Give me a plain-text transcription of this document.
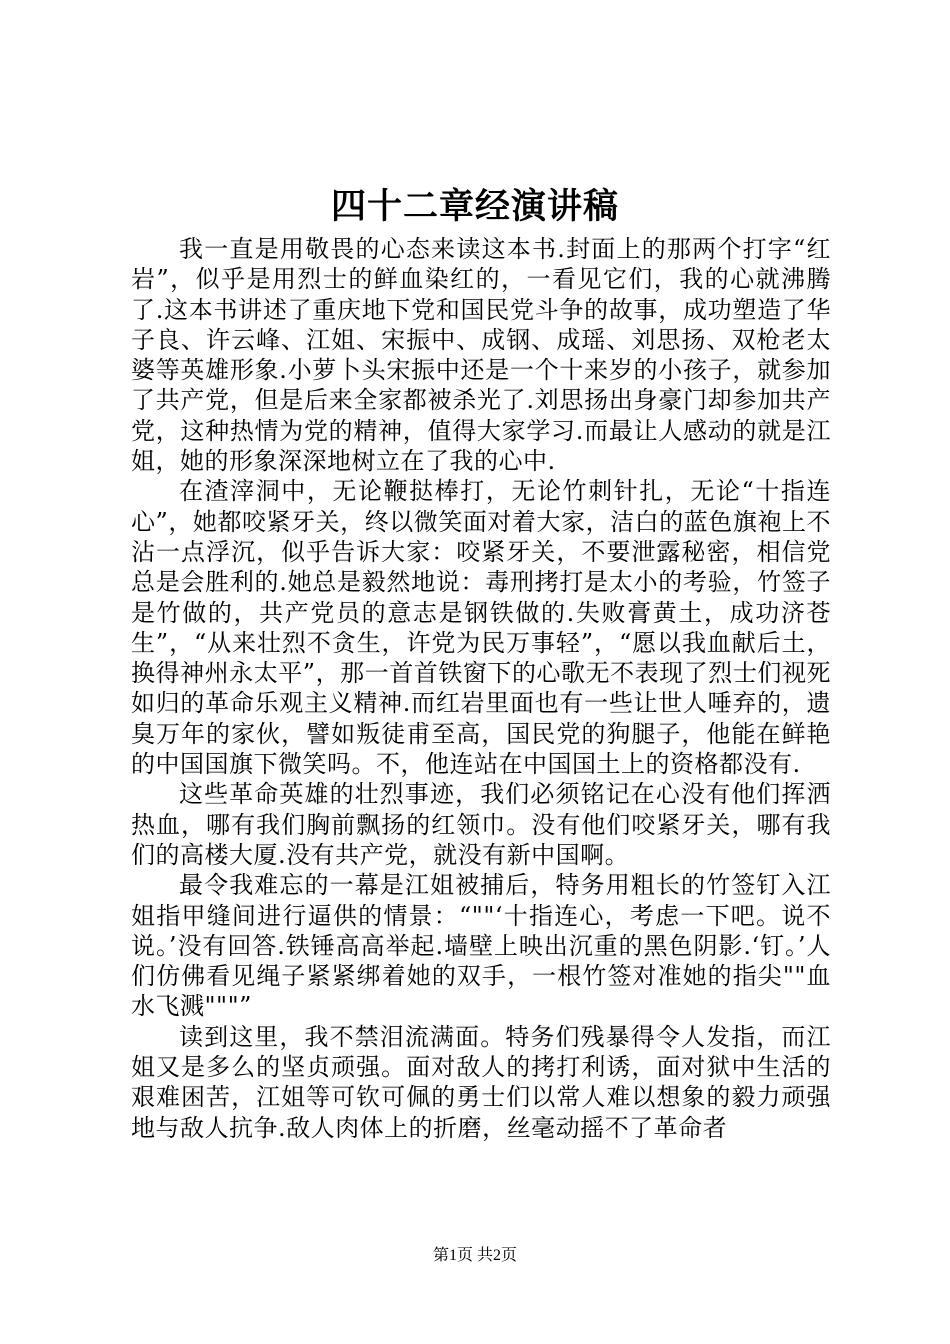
四十二章经演讲稿

我一直是用敬畏的心态来读这本书.封面上的那两个打字“红岩”，似乎是用烈士的鲜血染红的，一看见它们，我的心就沸腾了.这本书讲述了重庆地下党和国民党斗争的故事，成功塑造了华子良、许云峰、江姐、宋振中、成钢、成瑶、刘思扬、双枪老太婆等英雄形象.小萝卜头宋振中还是一个十来岁的小孩子，就参加了共产党，但是后来全家都被杀光了.刘思扬出身豪门却参加共产党，这种热情为党的精神，值得大家学习.而最让人感动的就是江姐，她的形象深深地树立在了我的心中.

在渣滓洞中，无论鞭挞棒打，无论竹刺针扎，无论“十指连心”，她都咬紧牙关，终以微笑面对着大家，洁白的蓝色旗袍上不沾一点浮沉，似乎告诉大家：咬紧牙关，不要泄露秘密，相信党总是会胜利的.她总是毅然地说：毒刑拷打是太小的考验，竹签子是竹做的，共产党员的意志是钢铁做的.失败膏黄土，成功济苍生”，“从来壮烈不贪生，许党为民万事轻”，“愿以我血献后土，换得神州永太平”，那一首首铁窗下的心歌无不表现了烈士们视死如归的革命乐观主义精神.而红岩里面也有一些让世人唾弃的，遗臭万年的家伙，譬如叛徒甫至高，国民党的狗腿子，他能在鲜艳的中国国旗下微笑吗。不，他连站在中国国土上的资格都没有.

这些革命英雄的壮烈事迹，我们必须铭记在心没有他们挥洒热血，哪有我们胸前飘扬的红领巾。没有他们咬紧牙关，哪有我们的高楼大厦.没有共产党，就没有新中国啊。

最令我难忘的一幕是江姐被捕后，特务用粗长的竹签钉入江姐指甲缝间进行逼供的情景：“""‘十指连心，考虑一下吧。说不说。’没有回答.铁锤高高举起.墙壁上映出沉重的黑色阴影.‘钉。’人们仿佛看见绳子紧紧绑着她的双手，一根竹签对准她的指尖""血水飞溅"""”

读到这里，我不禁泪流满面。特务们残暴得令人发指，而江姐又是多么的坚贞顽强。面对敌人的拷打利诱，面对狱中生活的艰难困苦，江姐等可钦可佩的勇士们以常人难以想象的毅力顽强地与敌人抗争.敌人肉体上的折磨，丝毫动摇不了革命者

第1页 共2页
